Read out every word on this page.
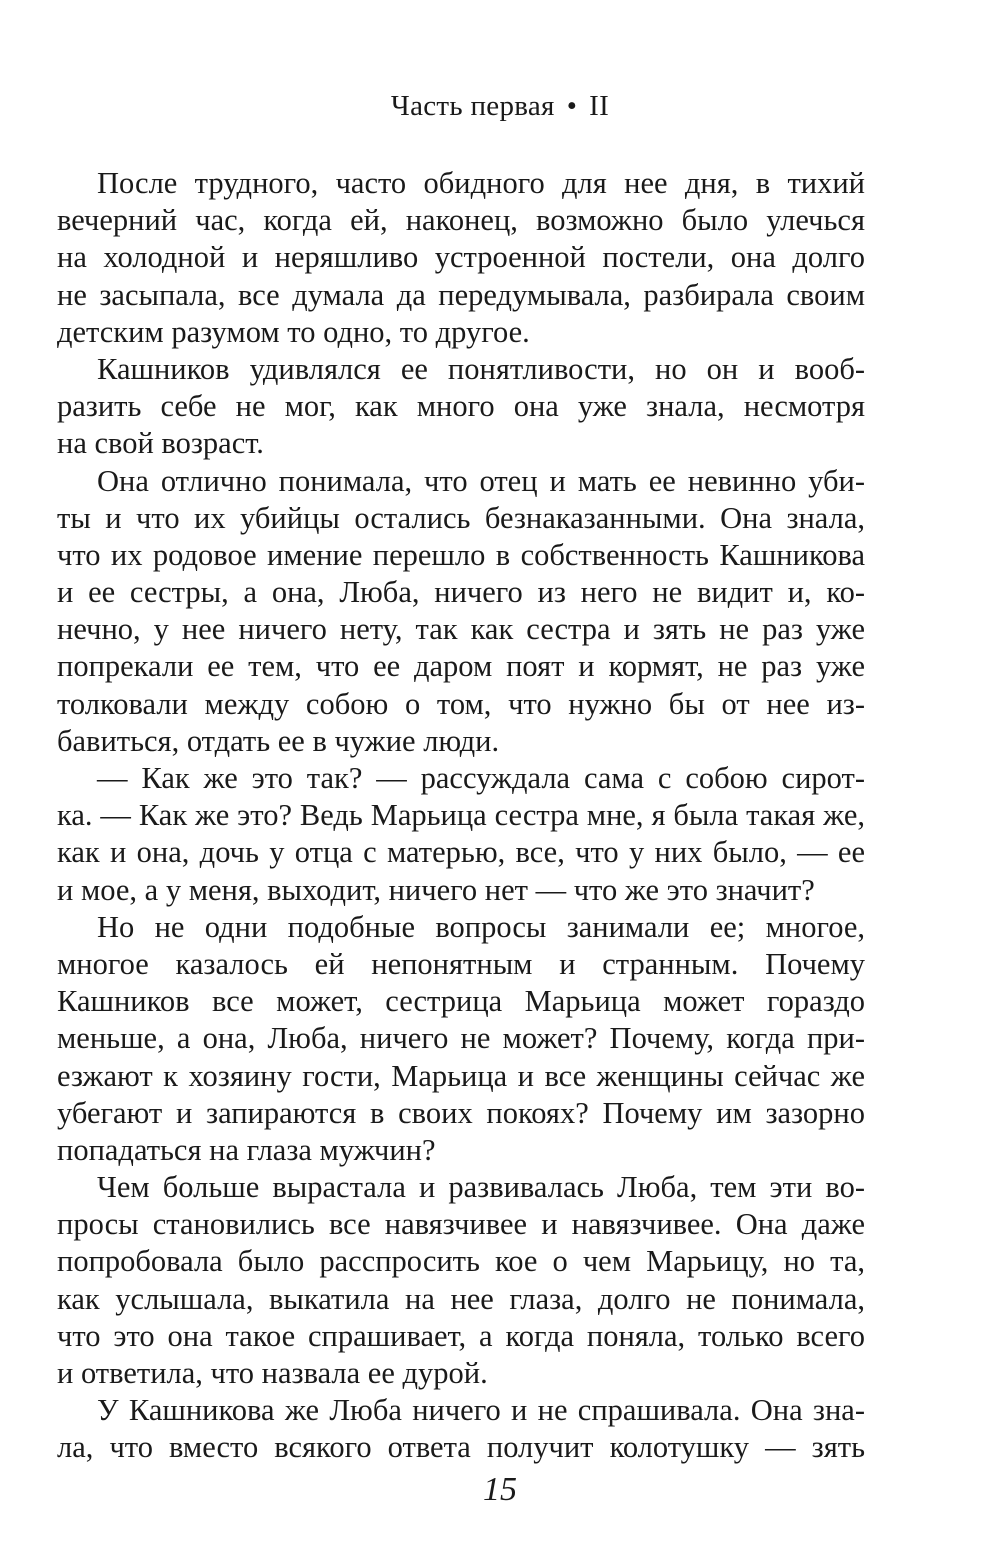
Часть первая • II
После трудного, часто обидного для нее дня, в тихий
вечерний час, когда ей, наконец, возможно было улечься
на холодной и неряшливо устроенной постели, она долго
не засыпала, все думала да передумывала, разбирала своим
детским разумом то одно, то другое.
Кашников удивлялся ее понятливости, но он и вооб-
разить себе не мог, как много она уже знала, несмотря
на свой возраст.
Она отлично понимала, что отец и мать ее невинно уби-
ты и что их убийцы остались безнаказанными. Она знала,
что их родовое имение перешло в собственность Кашникова
и ее сестры, а она, Люба, ничего из него не видит и, ко-
нечно, у нее ничего нету, так как сестра и зять не раз уже
попрекали ее тем, что ее даром поят и кормят, не раз уже
толковали между собою о том, что нужно бы от нее из-
бавиться, отдать ее в чужие люди.
— Как же это так? — рассуждала сама с собою сирот-
ка. — Как же это? Ведь Марьица сестра мне, я была такая же,
как и она, дочь у отца с матерью, все, что у них было, — ее
и мое, а у меня, выходит, ничего нет — что же это значит?
Но не одни подобные вопросы занимали ее; многое,
многое казалось ей непонятным и странным. Почему
Кашников все может, сестрица Марьица может гораздо
меньше, а она, Люба, ничего не может? Почему, когда при-
езжают к хозяину гости, Марьица и все женщины сейчас же
убегают и запираются в своих покоях? Почему им зазорно
попадаться на глаза мужчин?
Чем больше вырастала и развивалась Люба, тем эти во-
просы становились все навязчивее и навязчивее. Она даже
попробовала было расспросить кое о чем Марьицу, но та,
как услышала, выкатила на нее глаза, долго не понимала,
что это она такое спрашивает, а когда поняла, только всего
и ответила, что назвала ее дурой.
У Кашникова же Люба ничего и не спрашивала. Она зна-
ла, что вместо всякого ответа получит колотушку — зять
15
